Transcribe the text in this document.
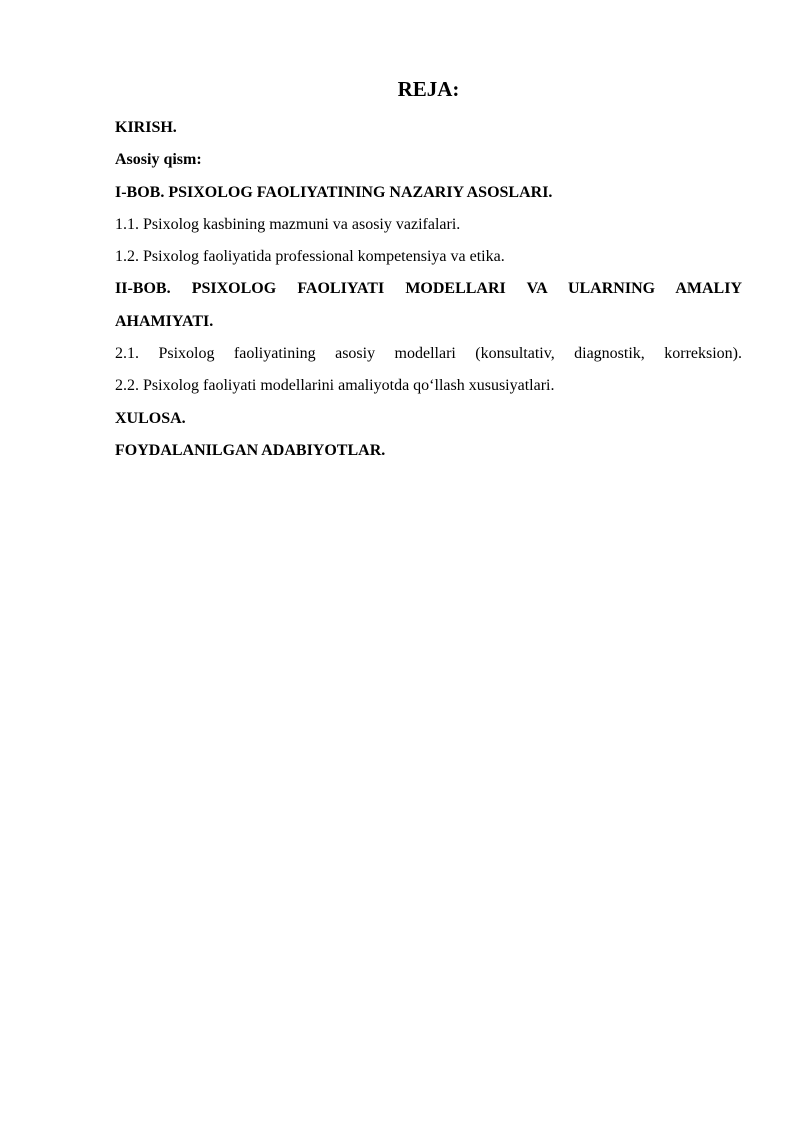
REJA:
KIRISH.
Asosiy qism:
I-BOB. PSIXOLOG FAOLIYATINING NAZARIY ASOSLARI.
1.1. Psixolog kasbining mazmuni va asosiy vazifalari.
1.2. Psixolog faoliyatida professional kompetensiya va etika.
II-BOB. PSIXOLOG FAOLIYATI MODELLARI VA ULARNING AMALIY
AHAMIYATI.
2.1. Psixolog faoliyatining asosiy modellari (konsultativ, diagnostik, korreksion).
2.2. Psixolog faoliyati modellarini amaliyotda qo‘llash xususiyatlari.
XULOSA.
FOYDALANILGAN ADABIYOTLAR.
